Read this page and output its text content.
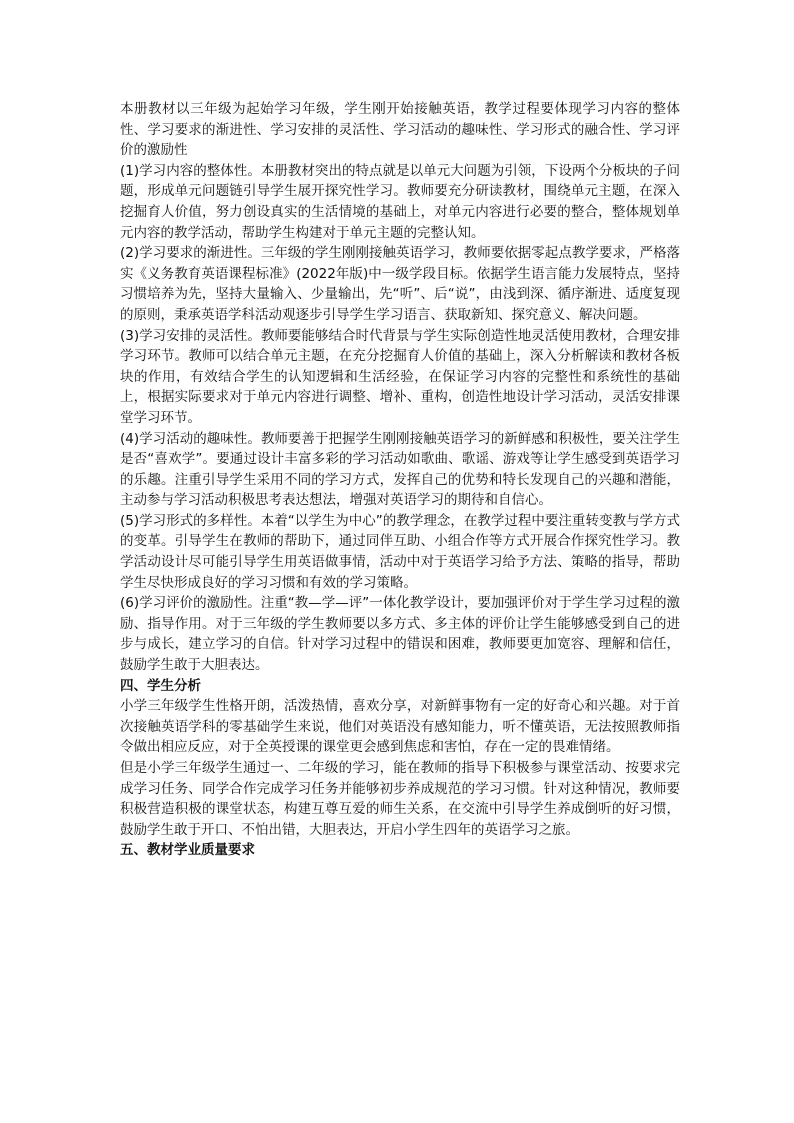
本册教材以三年级为起始学习年级，学生刚开始接触英语，教学过程要体现学习内容的整体性、学习要求的渐进性、学习安排的灵活性、学习活动的趣味性、学习形式的融合性、学习评价的激励性

(1)学习内容的整体性。本册教材突出的特点就是以单元大问题为引领，下设两个分板块的子问题，形成单元问题链引导学生展开探究性学习。教师要充分研读教材，围绕单元主题，在深入挖掘育人价值，努力创设真实的生活情境的基础上，对单元内容进行必要的整合，整体规划单元内容的教学活动，帮助学生构建对于单元主题的完整认知。

(2)学习要求的渐进性。三年级的学生刚刚接触英语学习，教师要依据零起点教学要求，严格落实《义务教育英语课程标准》(2022年版)中一级学段目标。依据学生语言能力发展特点，坚持习惯培养为先，坚持大量输入、少量输出，先“听”、后“说”，由浅到深、循序渐进、适度复现的原则，秉承英语学科活动观逐步引导学生学习语言、获取新知、探究意义、解决问题。

(3)学习安排的灵活性。教师要能够结合时代背景与学生实际创造性地灵活使用教材，合理安排学习环节。教师可以结合单元主题，在充分挖掘育人价值的基础上，深入分析解读和教材各板块的作用，有效结合学生的认知逻辑和生活经验，在保证学习内容的完整性和系统性的基础上，根据实际要求对于单元内容进行调整、增补、重构，创造性地设计学习活动，灵活安排课堂学习环节。

(4)学习活动的趣味性。教师要善于把握学生刚刚接触英语学习的新鲜感和积极性，要关注学生是否“喜欢学”。要通过设计丰富多彩的学习活动如歌曲、歌谣、游戏等让学生感受到英语学习的乐趣。注重引导学生采用不同的学习方式，发挥自己的优势和特长发现自己的兴趣和潜能，主动参与学习活动积极思考表达想法，增强对英语学习的期待和自信心。

(5)学习形式的多样性。本着“以学生为中心”的教学理念，在教学过程中要注重转变教与学方式的变革。引导学生在教师的帮助下，通过同伴互助、小组合作等方式开展合作探究性学习。教学活动设计尽可能引导学生用英语做事情，活动中对于英语学习给予方法、策略的指导，帮助学生尽快形成良好的学习习惯和有效的学习策略。

(6)学习评价的激励性。注重“教—学—评”一体化教学设计，要加强评价对于学生学习过程的激励、指导作用。对于三年级的学生教师要以多方式、多主体的评价让学生能够感受到自己的进步与成长，建立学习的自信。针对学习过程中的错误和困难，教师要更加宽容、理解和信任，鼓励学生敢于大胆表达。

四、学生分析

小学三年级学生性格开朗，活泼热情，喜欢分享，对新鲜事物有一定的好奇心和兴趣。对于首次接触英语学科的零基础学生来说，他们对英语没有感知能力，听不懂英语，无法按照教师指令做出相应反应，对于全英授课的课堂更会感到焦虑和害怕，存在一定的畏难情绪。

但是小学三年级学生通过一、二年级的学习，能在教师的指导下积极参与课堂活动、按要求完成学习任务、同学合作完成学习任务并能够初步养成规范的学习习惯。针对这种情况，教师要积极营造积极的课堂状态，构建互尊互爱的师生关系，在交流中引导学生养成倒听的好习惯，鼓励学生敢于开口、不怕出错，大胆表达，开启小学生四年的英语学习之旅。

五、教材学业质量要求
